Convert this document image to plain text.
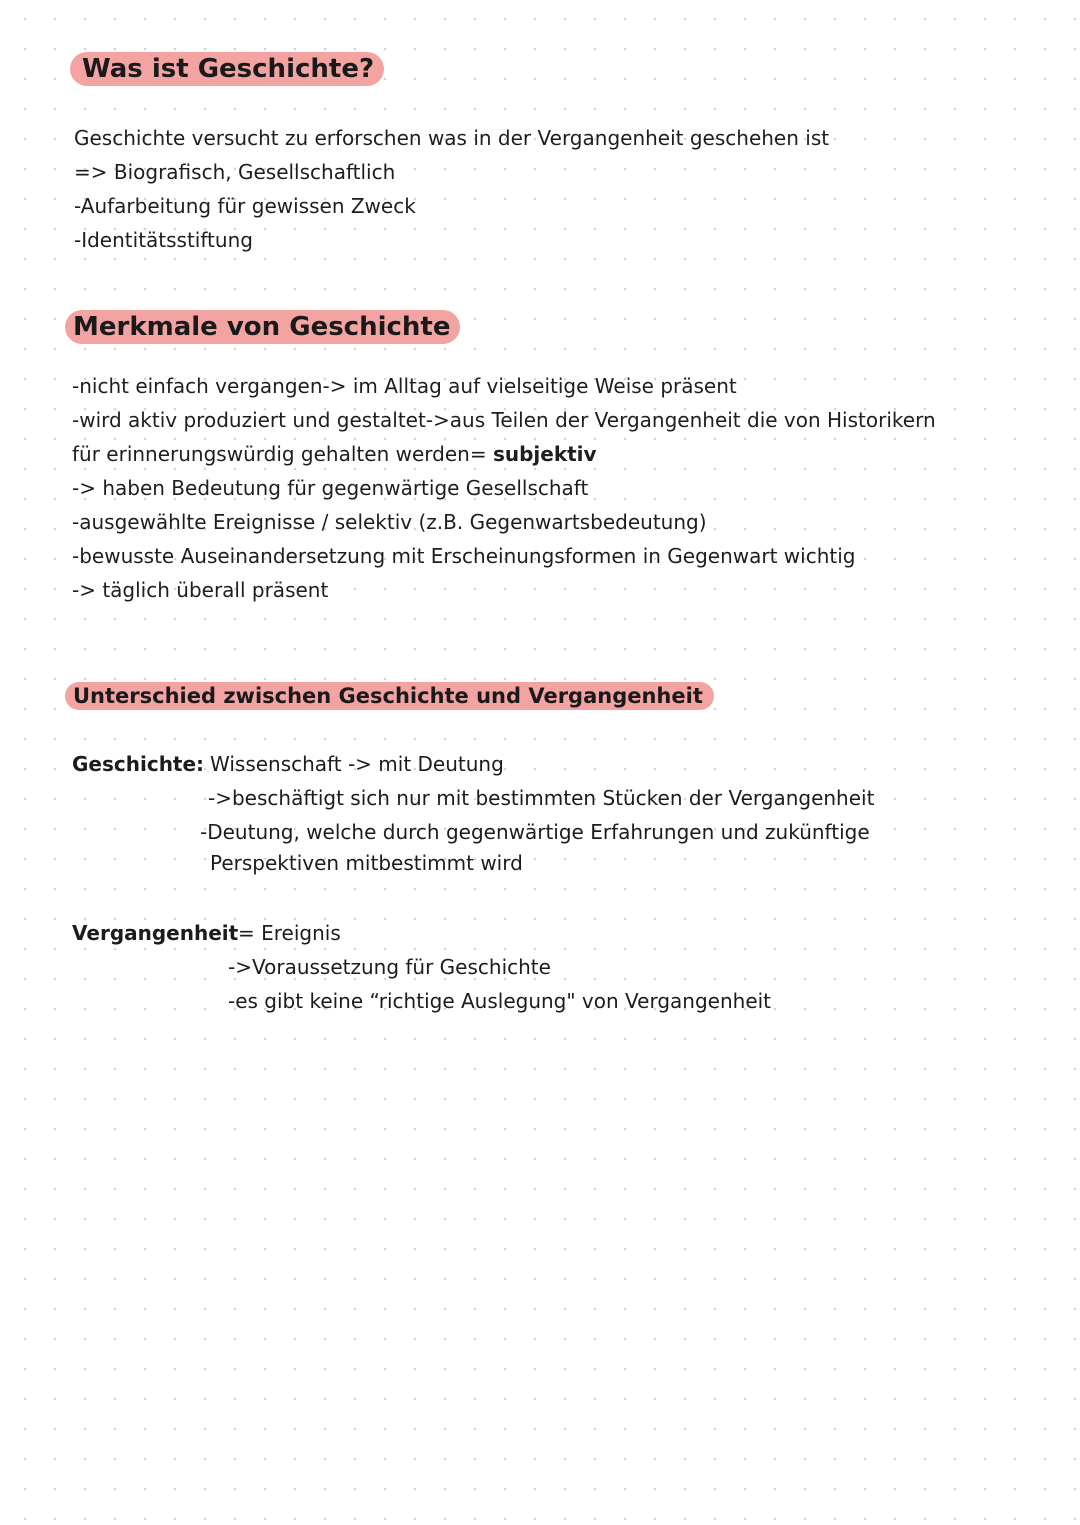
Was ist Geschichte?
Geschichte versucht zu erforschen was in der Vergangenheit geschehen ist
=> Biografisch, Gesellschaftlich
-Aufarbeitung für gewissen Zweck
-Identitätsstiftung
Merkmale von Geschichte
-nicht einfach vergangen-> im Alltag auf vielseitige Weise präsent
-wird aktiv produziert und gestaltet->aus Teilen der Vergangenheit die von Historikern
für erinnerungswürdig gehalten werden= subjektiv
-> haben Bedeutung für gegenwärtige Gesellschaft
-ausgewählte Ereignisse / selektiv (z.B. Gegenwartsbedeutung)
-bewusste Auseinandersetzung mit Erscheinungsformen in Gegenwart wichtig
-> täglich überall präsent
Unterschied zwischen Geschichte und Vergangenheit
Geschichte: Wissenschaft -> mit Deutung
->beschäftigt sich nur mit bestimmten Stücken der Vergangenheit
-Deutung, welche durch gegenwärtige Erfahrungen und zukünftige
Perspektiven mitbestimmt wird
Vergangenheit = Ereignis
->Voraussetzung für Geschichte
-es gibt keine “richtige Auslegung" von Vergangenheit
